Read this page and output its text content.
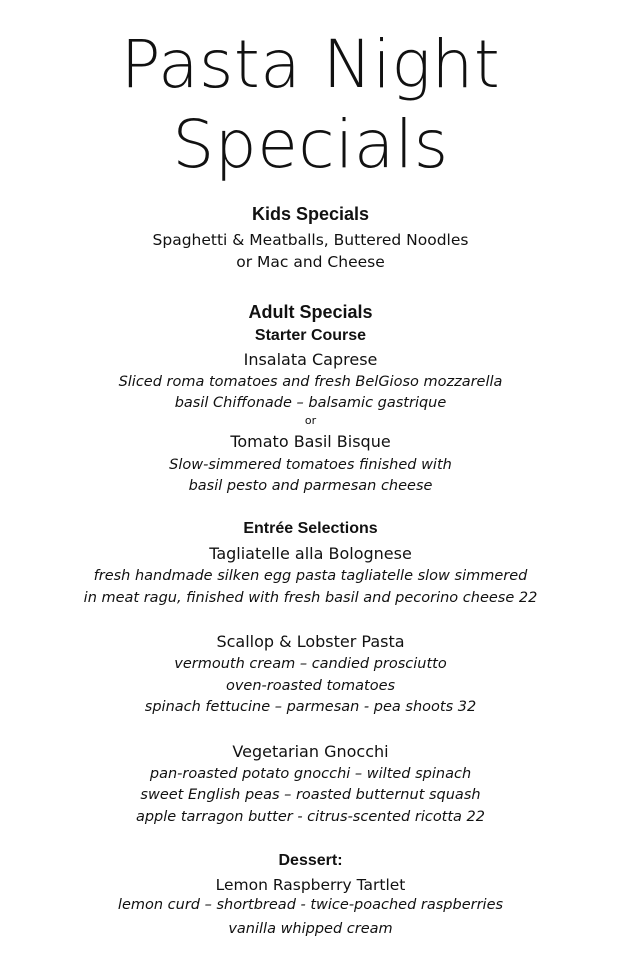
Pasta Night
Specials
Kids Specials
Spaghetti & Meatballs, Buttered Noodles
or Mac and Cheese
Adult Specials
Starter Course
Insalata Caprese
Sliced roma tomatoes and fresh BelGioso mozzarella
basil Chiffonade – balsamic gastrique
or
Tomato Basil Bisque
Slow-simmered tomatoes finished with
basil pesto and parmesan cheese
Entrée Selections
Tagliatelle alla Bolognese
fresh handmade silken egg pasta tagliatelle slow simmered
in meat ragu, finished with fresh basil and pecorino cheese 22
Scallop & Lobster Pasta
vermouth cream – candied prosciutto
oven-roasted tomatoes
spinach fettucine – parmesan - pea shoots 32
Vegetarian Gnocchi
pan-roasted potato gnocchi – wilted spinach
sweet English peas – roasted butternut squash
apple tarragon butter - citrus-scented ricotta 22
Dessert:
Lemon Raspberry Tartlet
lemon curd – shortbread - twice-poached raspberries
vanilla whipped cream
